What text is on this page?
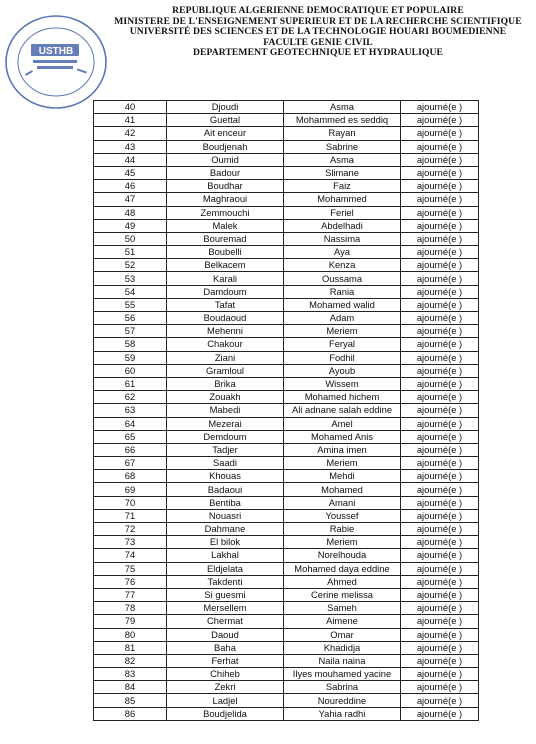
USTHB
REPUBLIQUE ALGERIENNE DEMOCRATIQUE ET POPULAIRE
MINISTERE DE L'ENSEIGNEMENT SUPERIEUR ET DE LA RECHERCHE SCIENTIFIQUE
UNIVERSITÉ DES SCIENCES ET DE LA TECHNOLOGIE HOUARI BOUMEDIENNE
FACULTE GENIE CIVIL
DEPARTEMENT GEOTECHNIQUE ET HYDRAULIQUE
40	Djoudi	Asma	ajourné(e )
41	Guettal	Mohammed es seddiq	ajourné(e )
42	Ait enceur	Rayan	ajourné(e )
43	Boudjenah	Sabrine	ajourné(e )
44	Oumid	Asma	ajourné(e )
45	Badour	Slimane	ajourné(e )
46	Boudhar	Faiz	ajourné(e )
47	Maghraoui	Mohammed	ajourné(e )
48	Zemmouchi	Feriel	ajourné(e )
49	Malek	Abdelhadi	ajourné(e )
50	Bouremad	Nassima	ajourné(e )
51	Boubelli	Aya	ajourné(e )
52	Belkacem	Kenza	ajourné(e )
53	Karali	Oussama	ajourné(e )
54	Damdoum	Rania	ajourné(e )
55	Tafat	Mohamed walid	ajourné(e )
56	Boudaoud	Adam	ajourné(e )
57	Mehenni	Meriem	ajourné(e )
58	Chakour	Feryal	ajourné(e )
59	Ziani	Fodhil	ajourné(e )
60	Gramloul	Ayoub	ajourné(e )
61	Brika	Wissem	ajourné(e )
62	Zouakh	Mohamed hichem	ajourné(e )
63	Mabedi	Ali adnane salah eddine	ajourné(e )
64	Mezerai	Amel	ajourné(e )
65	Demdoum	Mohamed Anis	ajourné(e )
66	Tadjer	Amina imen	ajourné(e )
67	Saadi	Meriem	ajourné(e )
68	Khouas	Mehdi	ajourné(e )
69	Badaoui	Mohamed	ajourné(e )
70	Bentiba	Amani	ajourné(e )
71	Nouasri	Youssef	ajourné(e )
72	Dahmane	Rabie	ajourné(e )
73	El bilok	Meriem	ajourné(e )
74	Lakhal	Norelhouda	ajourné(e )
75	Eldjelata	Mohamed daya eddine	ajourné(e )
76	Takdenti	Ahmed	ajourné(e )
77	Si guesmi	Cerine melissa	ajourné(e )
78	Mersellem	Sameh	ajourné(e )
79	Chermat	Aimene	ajourné(e )
80	Daoud	Omar	ajourné(e )
81	Baha	Khadidja	ajourné(e )
82	Ferhat	Naila naina	ajourné(e )
83	Chiheb	Ilyes mouhamed yacine	ajourné(e )
84	Zekri	Sabrina	ajourné(e )
85	Ladjel	Noureddine	ajourné(e )
86	Boudjelida	Yahia radhi	ajourné(e )
